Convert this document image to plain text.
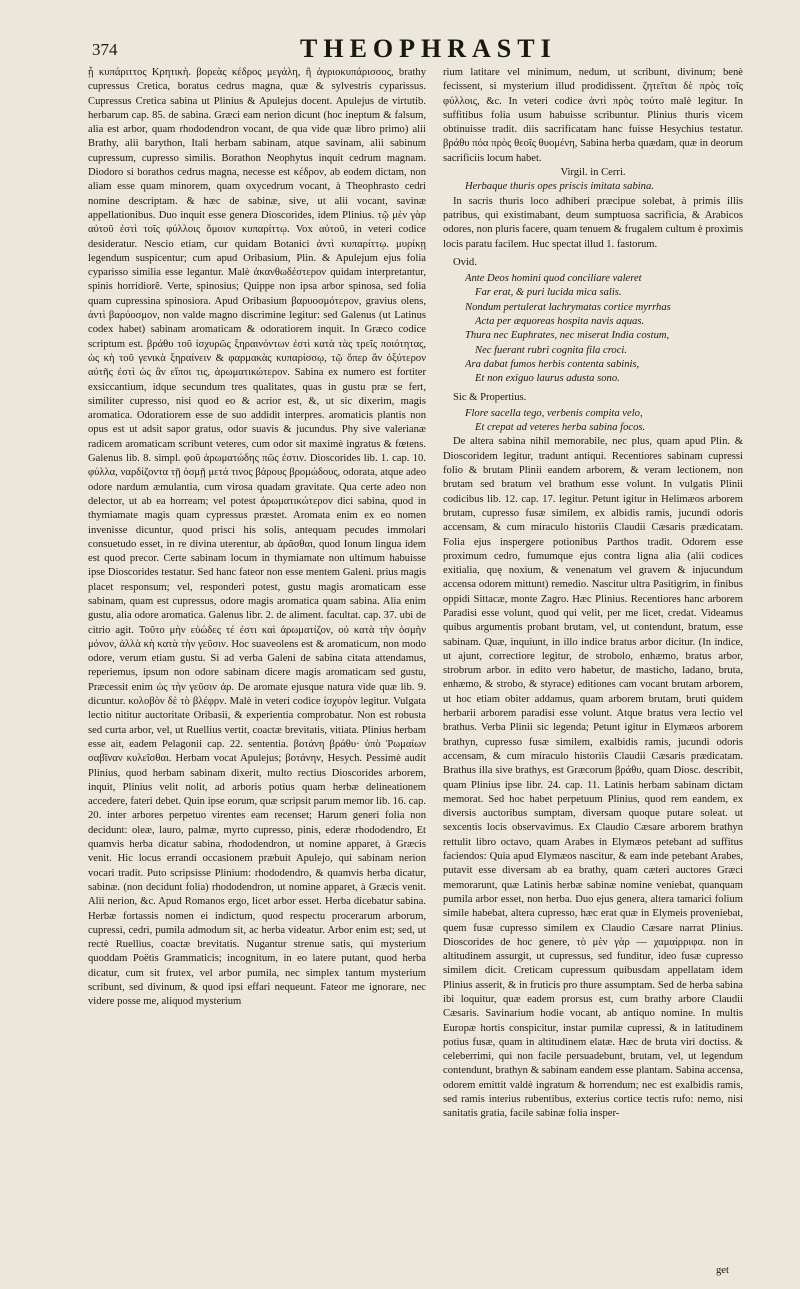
374	THEOPHRASTI

ᾗ κυπάριττος Κρητικὴ. βορεὰς κέδρος μεγάλη, ἢ ἀγριοκυπάρισσος, brathy cupressus Cretica, boratus cedrus magna, quæ & sylvestris cyparissus. Cupressus Cretica sabina ut Plinius & Apulejus docent. Apulejus de virtutib. herbarum cap. 85. de sabina. Græci eam nerion dicunt (hoc ineptum & falsum, alia est arbor, quam rhododendron vocant, de qua vide quæ libro primo) alii Brathy, alii barython, Itali herbam sabinam, atque savinam, alii sabinum cupressum, cupresso similis. Borathon Neophytus inquit cedrum magnam. Diodoro si borathos cedrus magna, necesse est κέδρον, ab eodem dictam, non aliam esse quam minorem, quam oxycedrum vocant, à Theophrasto cedri nomine descriptam. & hæc de sabinæ, sive, ut alii vocant, savinæ appellationibus. Duo inquit esse genera Dioscorides, idem Plinius. τῷ μὲν γὰρ αὐτοῦ ἐστὶ τοῖς φύλλοις ὅμοιον κυπαρίττῳ. Vox αὐτοῦ, in veteri codice desideratur. Nescio etiam, cur quidam Botanici ἀντὶ κυπαρίττῳ. μυρίκῃ legendum suspicentur; cum apud Oribasium, Plin. & Apulejum ejus folia cyparisso similia esse legantur. Malè ἀκανθωδέστερον quidam interpretantur, spinis horridiorẽ. Verte, spinosius; Quippe non ipsa arbor spinosa, sed folia quam cupressina spinosiora. Apud Oribasium βαρυοσμότερον, gravius olens, ἀντὶ βαρύοσμον, non valde magno discrimine legitur: sed Galenus (ut Latinus codex habet) sabinam aromaticam & odoratiorem inquit. In Græco codice scriptum est. βράθυ τοῦ ἰσχυρῶς ξηραινόντων ἐστὶ κατὰ τὰς τρεῖς ποιότητας, ὡς κὴ τοῦ γενικὰ ξηραίνειν & φαρμακὰς κυπαρίσσῳ, τῷ ὅπερ ἂν ὀξύτερον αὐτῆς ἐστὶ ὡς ἂν εἴποι τις, ἀρωματικώτερον. Sabina ex numero est fortiter exsiccantium, idque secundum tres qualitates, quas in gustu præ se fert, similiter cupresso, nisi quod eo & acrior est, &, ut sic dixerim, magis aromatica. Odoratiorem esse de suo addidit interpres. aromaticis plantis non opus est ut adsit sapor gratus, odor suavis & jucundus. Phy sive valerianæ radicem aromaticam scribunt veteres, cum odor sit maximè ingratus & fœtens. Galenus lib. 8. simpl. φοῦ ἀρωματώδης πῶς ἐστιν. Dioscorides lib. 1. cap. 10. φύλλα, ναρδίζοντα τῇ ὀσμῇ μετά τινος βάρους βρομώδους, odorata, atque adeo odore nardum æmulantia, cum virosa quadam gravitate. Qua certe adeo non delector, ut ab ea horream; vel potest ἀρωματικώτερον dici sabina, quod in thymiamate magis quam cypressus præstet. Aromata enim ex eo nomen invenisse dicuntur, quod prisci his solis, antequam pecudes immolari consuetudo esset, in re divina uterentur, ab ἀρᾶσθαι, quod Ionum lingua idem est quod precor. Certe sabinam locum in thymiamate non ultimum habuisse ipse Dioscorides testatur. Sed hanc fateor non esse mentem Galeni. prius magis placet responsum; vel, responderi potest, gustu magis aromaticam esse sabinam, quam est cupressus, odore magis aromatica quam sabina. Alia enim gustu, alia odore aromatica. Galenus libr. 2. de aliment. facultat. cap. 37. ubi de citrio agit. Τοῦτο μὴν εὐώδες τέ ἐστι καὶ ἀρωματίζον, οὐ κατὰ τὴν ὀσμὴν μόνον, ἀλλὰ κὴ κατὰ τὴν γεῦσιν. Hoc suaveolens est & aromaticum, non modo odore, verum etiam gustu. Si ad verba Galeni de sabina citata attendamus, reperiemus, ipsum non odore sabinam dicere magis aromaticam sed gustu, Præcessit enim ὡς τὴν γεῦσιν ἀρ. De aromate ejusque natura vide quæ lib. 9. dicuntur. κολοβὸν δὲ τὸ βλέφρν. Malè in veteri codice ἰσχυρὸν legitur. Vulgata lectio nititur auctoritate Oribasii, & experientia comprobatur. Non est robusta sed curta arbor, vel, ut Ruellius vertit, coactæ brevitatis, vitiata. Plinius herbam esse ait, eadem Pelagonii cap. 22. sententia. βοτάνη βράθυ· ὑπὸ Ῥωμαίων σαβῖναν κυλεῖσθαι. Herbam vocat Apulejus; βοτάνην, Hesych. Pessimè audit Plinius, quod herbam sabinam dixerit, multo rectius Dioscorides arborem, inquit, Plinius velit nolit, ad arboris potius quam herbæ delineationem accedere, fateri debet. Quin ipse eorum, quæ scripsit parum memor lib. 16. cap. 20. inter arbores perpetuo virentes eam recenset; Harum generi folia non decidunt: oleæ, lauro, palmæ, myrto cupresso, pinis, ederæ rhododendro, Et quamvis herba dicatur sabina, rhododendron, ut nomine apparet, à Græcis venit. Hic locus errandi occasionem præbuit Apulejo, qui sabinam nerion vocari tradit. Puto scripsisse Plinium: rhododendro, & quamvis herba dicatur, sabinæ. (non decidunt folia) rhododendron, ut nomine apparet, à Græcis venit. Alii nerion, &c. Apud Romanos ergo, licet arbor esset. Herba dicebatur sabina. Herbæ fortassis nomen ei indictum, quod respectu procerarum arborum, cupressi, cedri, pumila admodum sit, ac herba videatur. Arbor enim est; sed, ut rectè Ruellius, coactæ brevitatis. Nugantur strenue satis, qui mysterium quoddam Poëtis Grammaticis; incognitum, in eo latere putant, quod herba dicatur, cum sit frutex, vel arbor pumila, nec simplex tantum mysterium scribunt, sed divinum, & quod ipsi effari nequeunt. Fateor me ignorare, nec videre posse me, aliquod mysterium

rium latitare vel minimum, nedum, ut scribunt, divinum; benè fecissent, si mysterium illud prodidissent. ζητεῖται δὲ πρὸς τοῖς φύλλοις, &c. In veteri codice ἀντὶ πρὸς τούτο malè legitur. In suffitibus folia usum habuisse scribuntur. Plinius thuris vicem obtinuisse tradit. diis sacrificatam hanc fuisse Hesychius testatur. βράθυ πόα πρὸς θεοῖς θυομένη, Sabina herba quædam, quæ in deorum sacrificiis locum habet.

Virgil. in Cerri.

Herbaque thuris opes priscis imitata sabina.

In sacris thuris loco adhiberi præcipue solebat, à primis illis patribus, qui existimabant, deum sumptuosa sacrificia, & Arabicos odores, non pluris facere, quam tenuem & frugalem cultum è proximis locis paratu facilem. Huc spectat illud 1. fastorum.

Ovid.

Ante Deos homini quod conciliare valeret
Far erat, & puri lucida mica salis.
Nondum pertulerat lachrymatas cortice myrrhas
Acta per æquoreas hospita navis aquas.
Thura nec Euphrates, nec miserat India costum,
Nec fuerant rubri cognita fila croci.
Ara dabat fumos herbis contenta sabinis,
Et non exiguo laurus adusta sono.

Sic & Propertius.

Flore sacella tego, verbenis compita velo,
Et crepat ad veteres herba sabina focos.

De altera sabina nihil memorabile, nec plus, quam apud Plin. & Dioscoridem legitur, tradunt antiqui. Recentiores sabinam cupressi folio & brutam Plinii eandem arborem, & veram lectionem, non brutam sed bratum vel brathum esse volunt. In vulgatis Plinii codicibus lib. 12. cap. 17. legitur. Petunt igitur in Helimæos arborem brutam, cupresso fusæ similem, ex albidis ramis, jucundi odoris accensam, & cum miraculo historiis Claudii Cæsaris prædicatam. Folia ejus inspergere potionibus Parthos tradit. Odorem esse proximum cedro, fumumque ejus contra ligna alia (alii codices exitialia, quę noxium, & venenatum vel gravem & injucundum accensa odorem mittunt) remedio. Nascitur ultra Pasitigrim, in finibus oppidi Sittacæ, monte Zagro. Hæc Plinius. Recentiores hanc arborem Paradisi esse volunt, quod qui velit, per me licet, credat. Videamus quibus argumentis probant brutam, vel, ut contendunt, bratum, esse sabinam. Quæ, inquiunt, in illo indice bratus arbor dicitur. (In indice, ut ajunt, correctiore legitur, de strobolo, enhæmo, bratus arbor, strobrum arbor. in edito vero habetur, de masticho, ladano, bruta, enhæmo, & strobo, & styrace) editiones cam vocant brutam arborem, ut hoc etiam obiter addamus, quam arborem brutam, bruti quidem herbarii arborem paradisi esse volunt. Atque bratus vera lectio vel brathus. Verba Plinii sic legenda; Petunt igitur in Elymæos arborem brathyn, cupresso fusæ similem, exalbidis ramis, jucundi odoris accensam, & cum miraculo historiis Claudii Cæsaris prædicatam. Brathus illa sive brathys, est Græcorum βράθυ, quam Diosc. describit, quam Plinius ipse libr. 24. cap. 11. Latinis herbam sabinam dictam memorat. Sed hoc habet perpetuum Plinius, quod rem eandem, ex diversis auctoribus sumptam, diversam quoque putare soleat. ut sexcentis locis observavimus. Ex Claudio Cæsare arborem brathyn rettulit libro octavo, quam Arabes in Elymæos petebant ad suffitus faciendos: Quia apud Elymæos nascitur, & eam inde petebant Arabes, putavit esse diversam ab ea brathy, quam cæteri auctores Græci memorarunt, quæ Latinis herbæ sabinæ nomine veniebat, quanquam pumila arbor esset, non herba. Duo ejus genera, altera tamarici folium simile habebat, altera cupresso, hæc erat quæ in Elymeis proveniebat, quem fusæ cupresso similem ex Claudio Cæsare narrat Plinius. Dioscorides de hoc genere, τὸ μὲν γὰρ — χαμαίρριφα. non in altitudinem assurgit, ut cupressus, sed funditur, ideo fusæ cupresso similem dicit. Creticam cupressum quibusdam appellatam idem Plinius asserit, & in fruticis pro thure assumptam. Sed de herba sabina ibi loquitur, quæ eadem prorsus est, cum brathy arbore Claudii Cæsaris. Savinarium hodie vocant, ab antiquo nomine. In multis Europæ hortis conspicitur, instar pumilæ cupressi, & in latitudinem potius fusæ, quam in altitudinem elatæ. Hæc de bruta viri doctiss. & celeberrimi, qui non facile persuadebunt, brutam, vel, ut legendum contendunt, brathyn & sabinam eandem esse plantam. Sabina accensa, odorem emittit valdè ingratum & horrendum; nec est exalbidis ramis, sed ramis interius rubentibus, exterius cortice tectis rufo: nemo, nisi sanitatis gratia, facile sabinæ folia insper-

get
